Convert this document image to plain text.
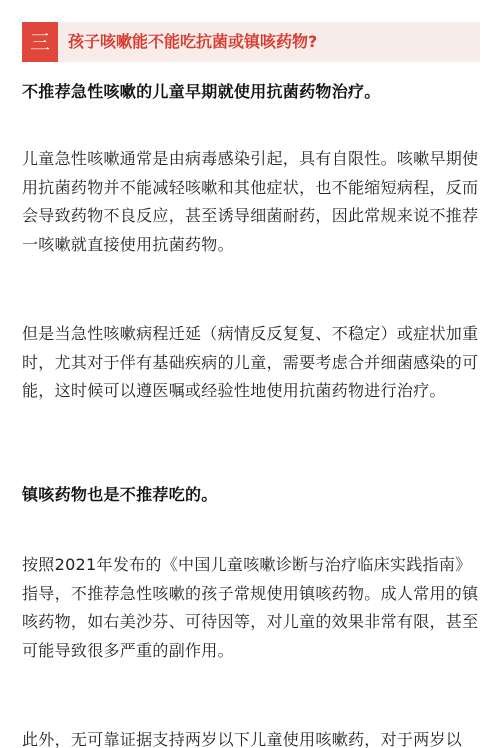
三	孩子咳嗽能不能吃抗菌或镇咳药物?

不推荐急性咳嗽的儿童早期就使用抗菌药物治疗。

儿童急性咳嗽通常是由病毒感染引起，具有自限性。咳嗽早期使用抗菌药物并不能减轻咳嗽和其他症状，也不能缩短病程，反而会导致药物不良反应，甚至诱导细菌耐药，因此常规来说不推荐一咳嗽就直接使用抗菌药物。

但是当急性咳嗽病程迁延（病情反反复复、不稳定）或症状加重时，尤其对于伴有基础疾病的儿童，需要考虑合并细菌感染的可能，这时候可以遵医嘱或经验性地使用抗菌药物进行治疗。

镇咳药物也是不推荐吃的。

按照2021年发布的《中国儿童咳嗽诊断与治疗临床实践指南》指导，不推荐急性咳嗽的孩子常规使用镇咳药物。成人常用的镇咳药物，如右美沙芬、可待因等，对儿童的效果非常有限，甚至可能导致很多严重的副作用。

此外，无可靠证据支持两岁以下儿童使用咳嗽药，对于两岁以
